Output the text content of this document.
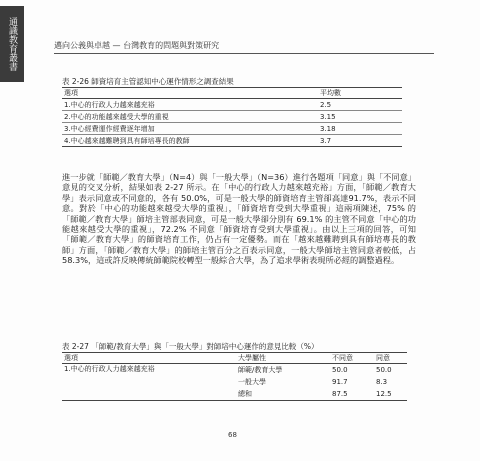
通識教育叢書	邁向公義與卓越 — 台灣教育的問題與對策研究
表 2-26 師資培育主管認知中心運作情形之調查結果
選項		平均數
1.中心的行政人力越來越充裕		2.5
2.中心的功能越來越受大學的重視		3.15
3.中心經費運作經費逐年增加		3.18
4.中心越來越難聘到具有師培專長的教師		3.7

進一步就「師範／教育大學」（N=4）與「一般大學」（N=36）進行各題項「同意」與「不同意」意見的交叉分析，結果如表 2-27 所示。在「中心的行政人力越來越充裕」方面，「師範／教育大學」表示同意或不同意的，各有 50.0%，可是一般大學的師資培育主管卻高達91.7%，表示不同意。對於「中心的功能越來越受大學的重視」，「師資培育受到大學重視」這兩項陳述，75% 的「師範／教育大學」師培主管部表同意，可是一般大學卻分別有 69.1% 的主管不同意「中心的功能越來越受大學的重視」，72.2% 不同意「師資培育受到大學重視」。由以上三項的回答，可知「師範／教育大學」的師資培育工作，仍占有一定優勢。而在「越來越難聘到具有師培專長的教師」方面，「師範／教育大學」的師培主管百分之百表示同意，一般大學師培主管同意者較低，占 58.3%，這或許反映傳統師範院校轉型一般綜合大學，為了追求學術表現所必經的調整過程。

表 2-27 「師範/教育大學」與「一般大學」對師培中心運作的意見比較（%）
選項	大學屬性	不同意	同意
1.中心的行政人力越來越充裕	師範/教育大學	50.0	50.0
	一般大學	91.7	8.3
	總和	87.5	12.5
68
